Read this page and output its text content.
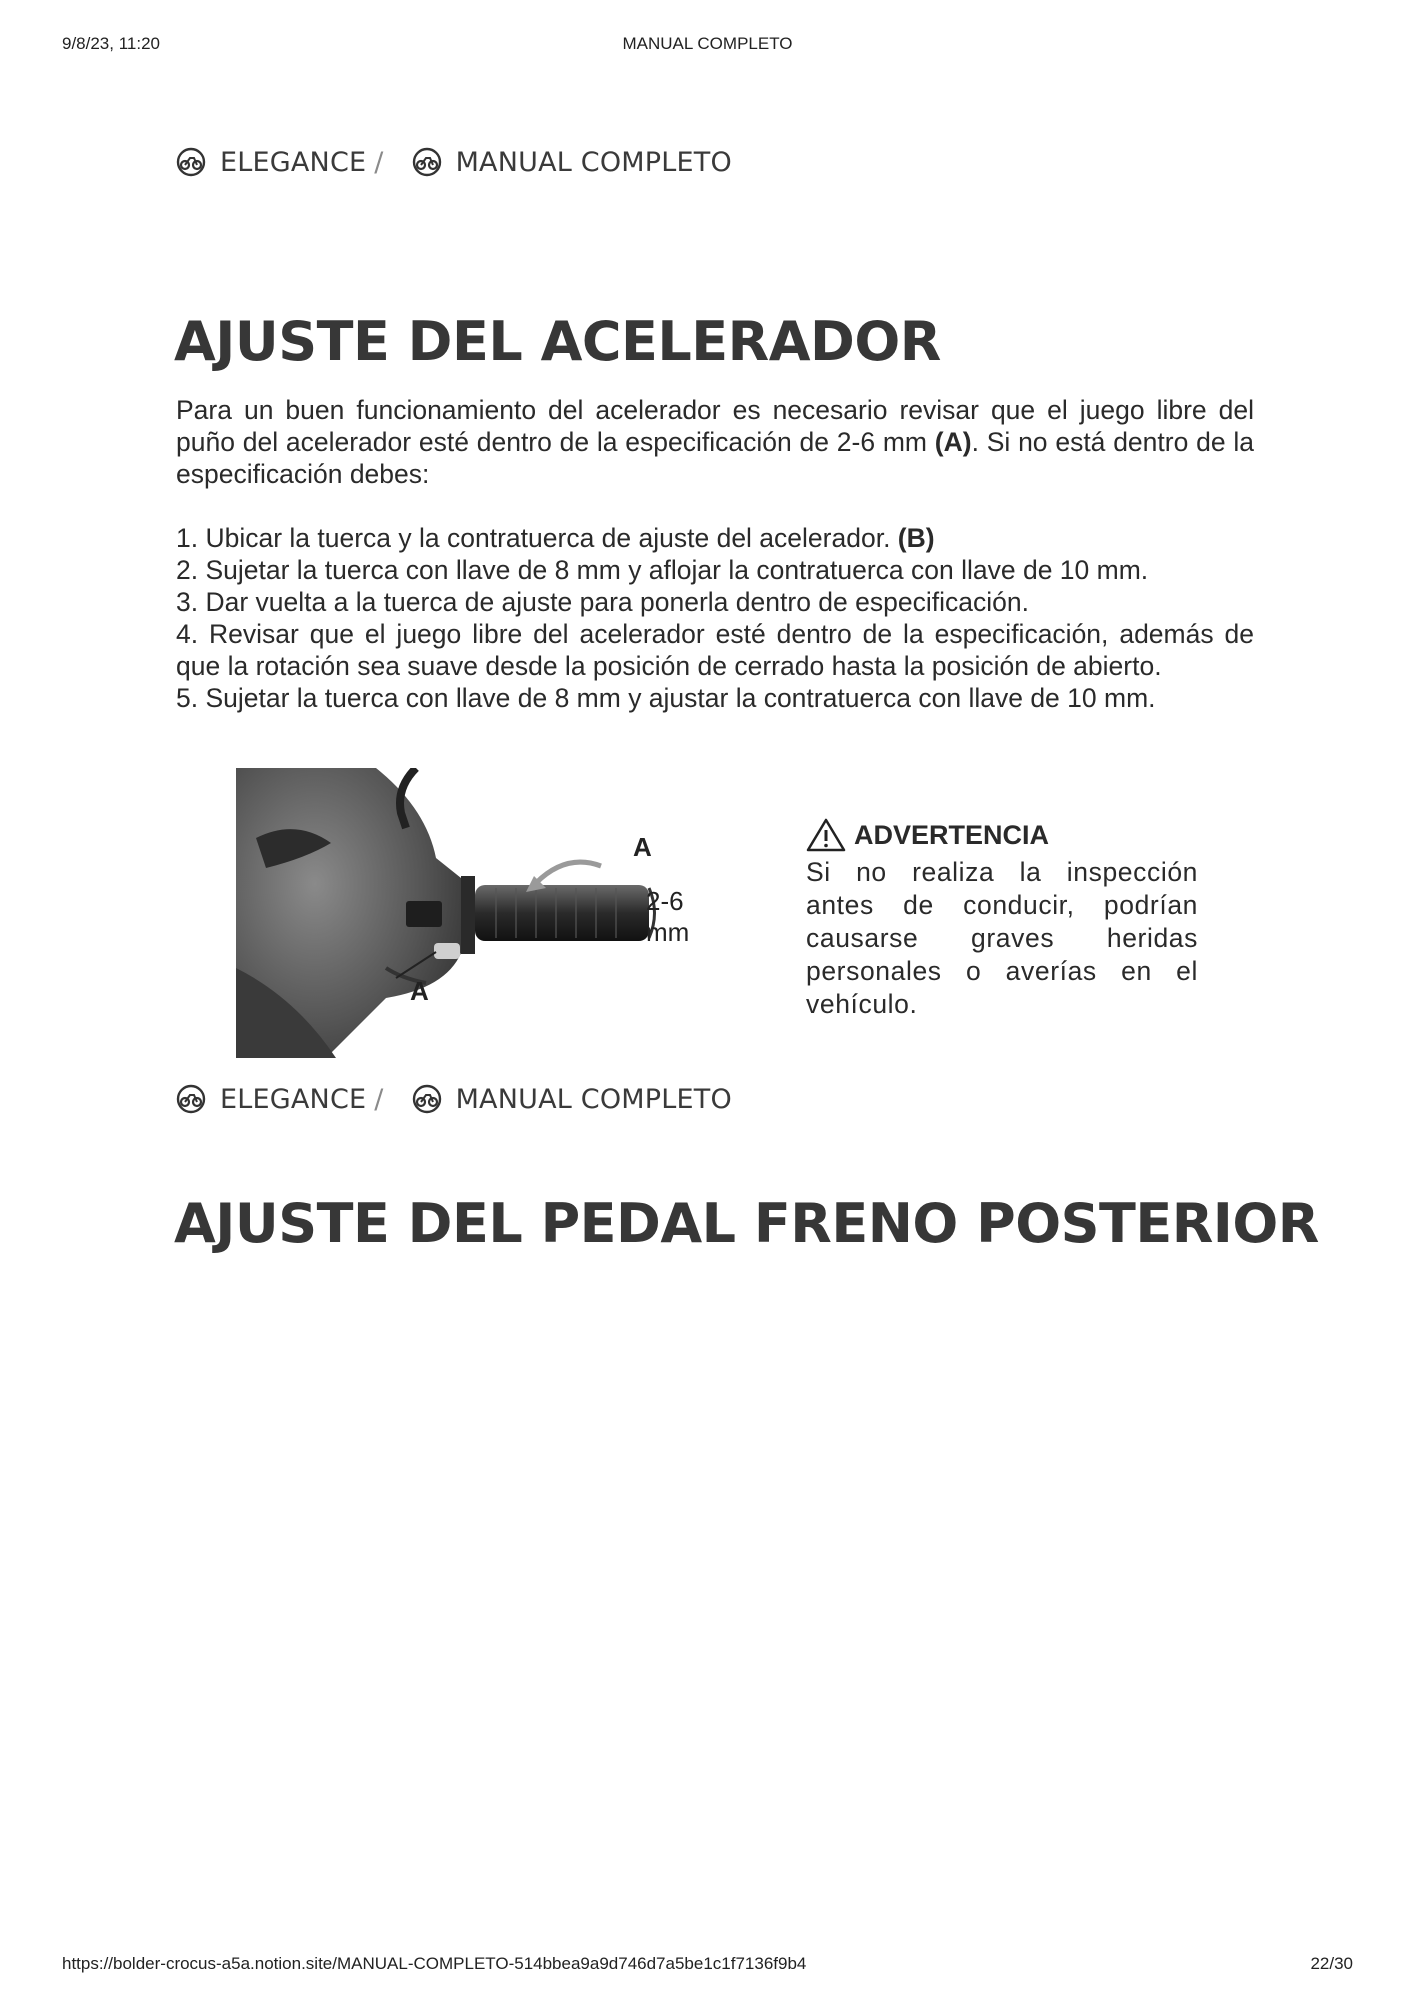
9/8/23, 11:20	MANUAL COMPLETO
ELEGANCE /	MANUAL COMPLETO
AJUSTE DEL ACELERADOR

Para un buen funcionamiento del acelerador es necesario revisar que el juego libre del puño del acelerador esté dentro de la especificación de 2-6 mm (A). Si no está dentro de la especificación debes:

1. Ubicar la tuerca y la contratuerca de ajuste del acelerador. (B)
2. Sujetar la tuerca con llave de 8 mm y aflojar la contratuerca con llave de 10 mm.
3. Dar vuelta a la tuerca de ajuste para ponerla dentro de especificación.
4. Revisar que el juego libre del acelerador esté dentro de la especificación, además de que la rotación sea suave desde la posición de cerrado hasta la posición de abierto.
5. Sujetar la tuerca con llave de 8 mm y ajustar la contratuerca con llave de 10 mm.
A
2-6 mm
A
ADVERTENCIA
Si no realiza la inspección antes de conducir, podrían causarse graves heridas personales o averías en el vehículo.
ELEGANCE /	MANUAL COMPLETO
AJUSTE DEL PEDAL FRENO POSTERIOR
https://bolder-crocus-a5a.notion.site/MANUAL-COMPLETO-514bbea9a9d746d7a5be1c1f7136f9b4	22/30
